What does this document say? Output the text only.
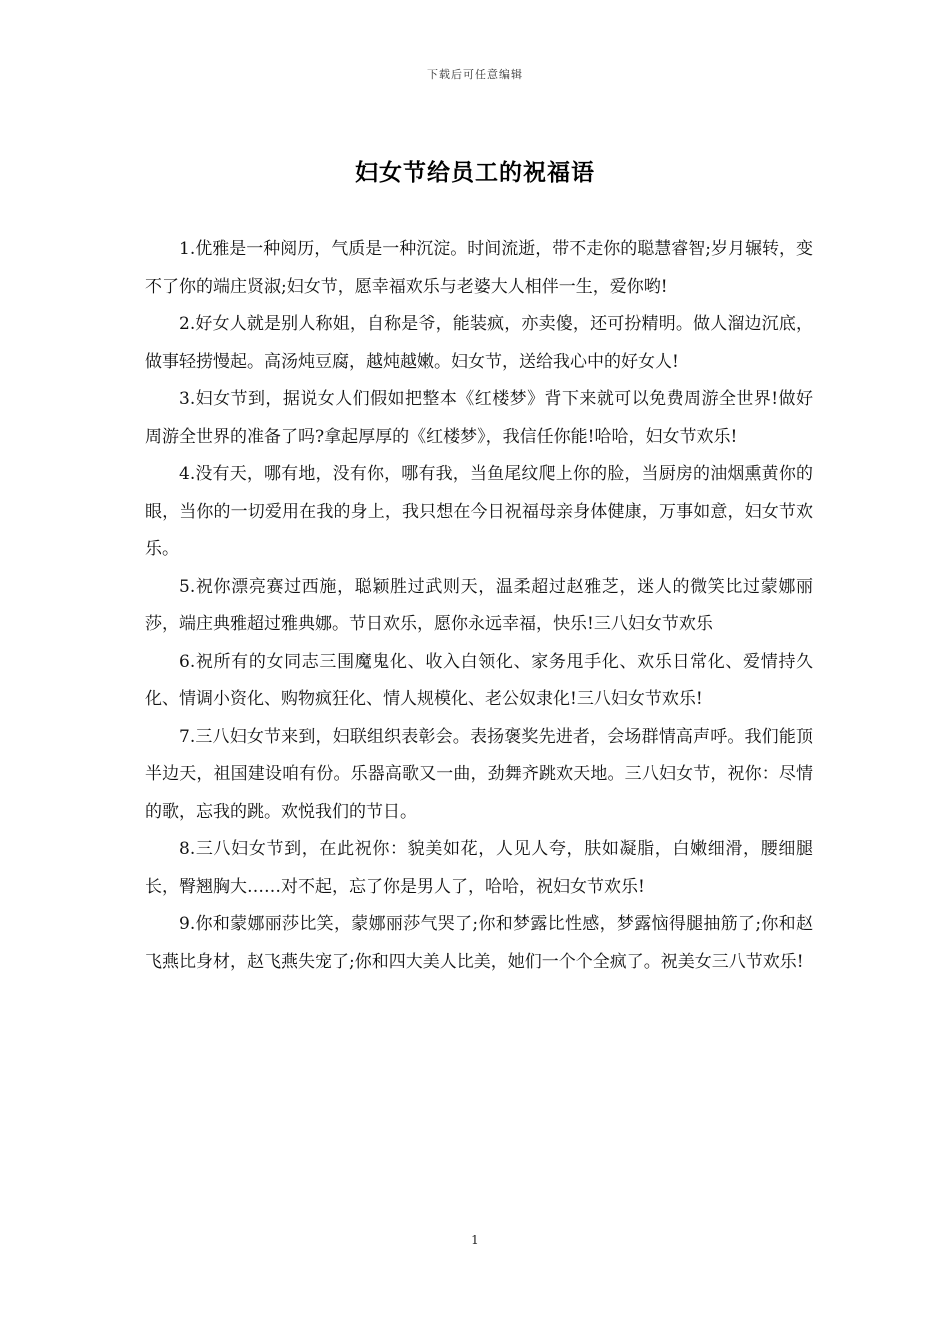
下载后可任意编辑
妇女节给员工的祝福语

1.优雅是一种阅历，气质是一种沉淀。时间流逝，带不走你的聪慧睿智;岁月辗转，变不了你的端庄贤淑;妇女节，愿幸福欢乐与老婆大人相伴一生，爱你哟!

2.好女人就是别人称姐，自称是爷，能装疯，亦卖傻，还可扮精明。做人溜边沉底，做事轻捞慢起。高汤炖豆腐，越炖越嫩。妇女节，送给我心中的好女人!

3.妇女节到，据说女人们假如把整本《红楼梦》背下来就可以免费周游全世界!做好周游全世界的准备了吗?拿起厚厚的《红楼梦》，我信任你能!哈哈，妇女节欢乐!

4.没有天，哪有地，没有你，哪有我，当鱼尾纹爬上你的脸，当厨房的油烟熏黄你的眼，当你的一切爱用在我的身上，我只想在今日祝福母亲身体健康，万事如意，妇女节欢乐。

5.祝你漂亮赛过西施，聪颖胜过武则天，温柔超过赵雅芝，迷人的微笑比过蒙娜丽莎，端庄典雅超过雅典娜。节日欢乐，愿你永远幸福，快乐!三八妇女节欢乐

6.祝所有的女同志三围魔鬼化、收入白领化、家务甩手化、欢乐日常化、爱情持久化、情调小资化、购物疯狂化、情人规模化、老公奴隶化!三八妇女节欢乐!

7.三八妇女节来到，妇联组织表彰会。表扬褒奖先进者，会场群情高声呼。我们能顶半边天，祖国建设咱有份。乐器高歌又一曲，劲舞齐跳欢天地。三八妇女节，祝你：尽情的歌，忘我的跳。欢悦我们的节日。

8.三八妇女节到，在此祝你：貌美如花，人见人夸，肤如凝脂，白嫩细滑，腰细腿长，臀翘胸大……对不起，忘了你是男人了，哈哈，祝妇女节欢乐!

9.你和蒙娜丽莎比笑，蒙娜丽莎气哭了;你和梦露比性感，梦露恼得腿抽筋了;你和赵飞燕比身材，赵飞燕失宠了;你和四大美人比美，她们一个个全疯了。祝美女三八节欢乐!

1
